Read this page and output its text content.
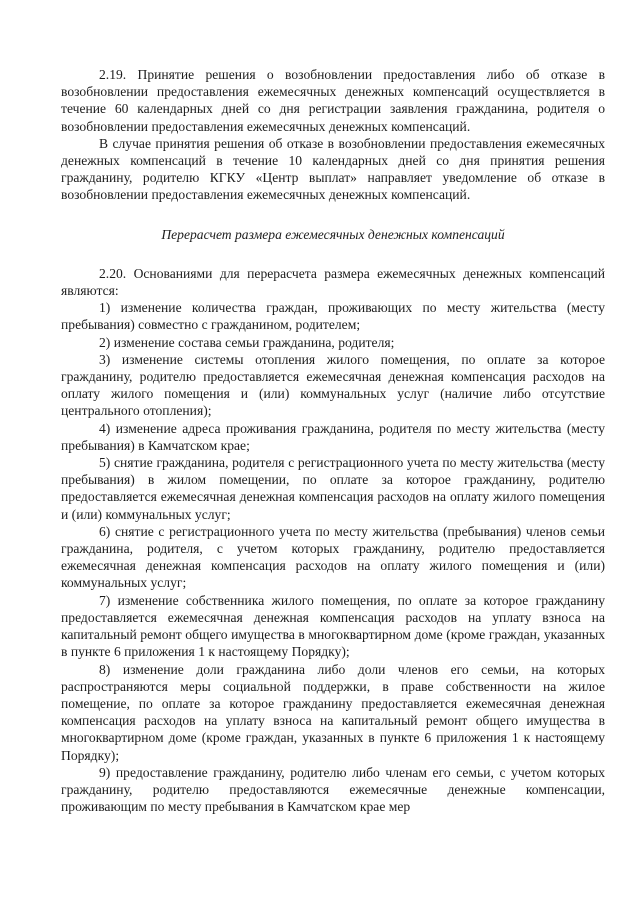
2.19. Принятие решения о возобновлении предоставления либо об отказе в возобновлении предоставления ежемесячных денежных компенсаций осуществляется в течение 60 календарных дней со дня регистрации заявления гражданина, родителя о возобновлении предоставления ежемесячных денежных компенсаций.

В случае принятия решения об отказе в возобновлении предоставления ежемесячных денежных компенсаций в течение 10 календарных дней со дня принятия решения гражданину, родителю КГКУ «Центр выплат» направляет уведомление об отказе в возобновлении предоставления ежемесячных денежных компенсаций.

Перерасчет размера ежемесячных денежных компенсаций

2.20. Основаниями для перерасчета размера ежемесячных денежных компенсаций являются:

1) изменение количества граждан, проживающих по месту жительства (месту пребывания) совместно с гражданином, родителем;

2) изменение состава семьи гражданина, родителя;

3) изменение системы отопления жилого помещения, по оплате за которое гражданину, родителю предоставляется ежемесячная денежная компенсация расходов на оплату жилого помещения и (или) коммунальных услуг (наличие либо отсутствие центрального отопления);

4) изменение адреса проживания гражданина, родителя по месту жительства (месту пребывания) в Камчатском крае;

5) снятие гражданина, родителя с регистрационного учета по месту жительства (месту пребывания) в жилом помещении, по оплате за которое гражданину, родителю предоставляется ежемесячная денежная компенсация расходов на оплату жилого помещения и (или) коммунальных услуг;

6) снятие с регистрационного учета по месту жительства (пребывания) членов семьи гражданина, родителя, с учетом которых гражданину, родителю предоставляется ежемесячная денежная компенсация расходов на оплату жилого помещения и (или) коммунальных услуг;

7) изменение собственника жилого помещения, по оплате за которое гражданину предоставляется ежемесячная денежная компенсация расходов на уплату взноса на капитальный ремонт общего имущества в многоквартирном доме (кроме граждан, указанных в пункте 6 приложения 1 к настоящему Порядку);

8) изменение доли гражданина либо доли членов его семьи, на которых распространяются меры социальной поддержки, в праве собственности на жилое помещение, по оплате за которое гражданину предоставляется ежемесячная денежная компенсация расходов на уплату взноса на капитальный ремонт общего имущества в многоквартирном доме (кроме граждан, указанных в пункте 6 приложения 1 к настоящему Порядку);

9) предоставление гражданину, родителю либо членам его семьи, с учетом которых гражданину, родителю предоставляются ежемесячные денежные компенсации, проживающим по месту пребывания в Камчатском крае мер
